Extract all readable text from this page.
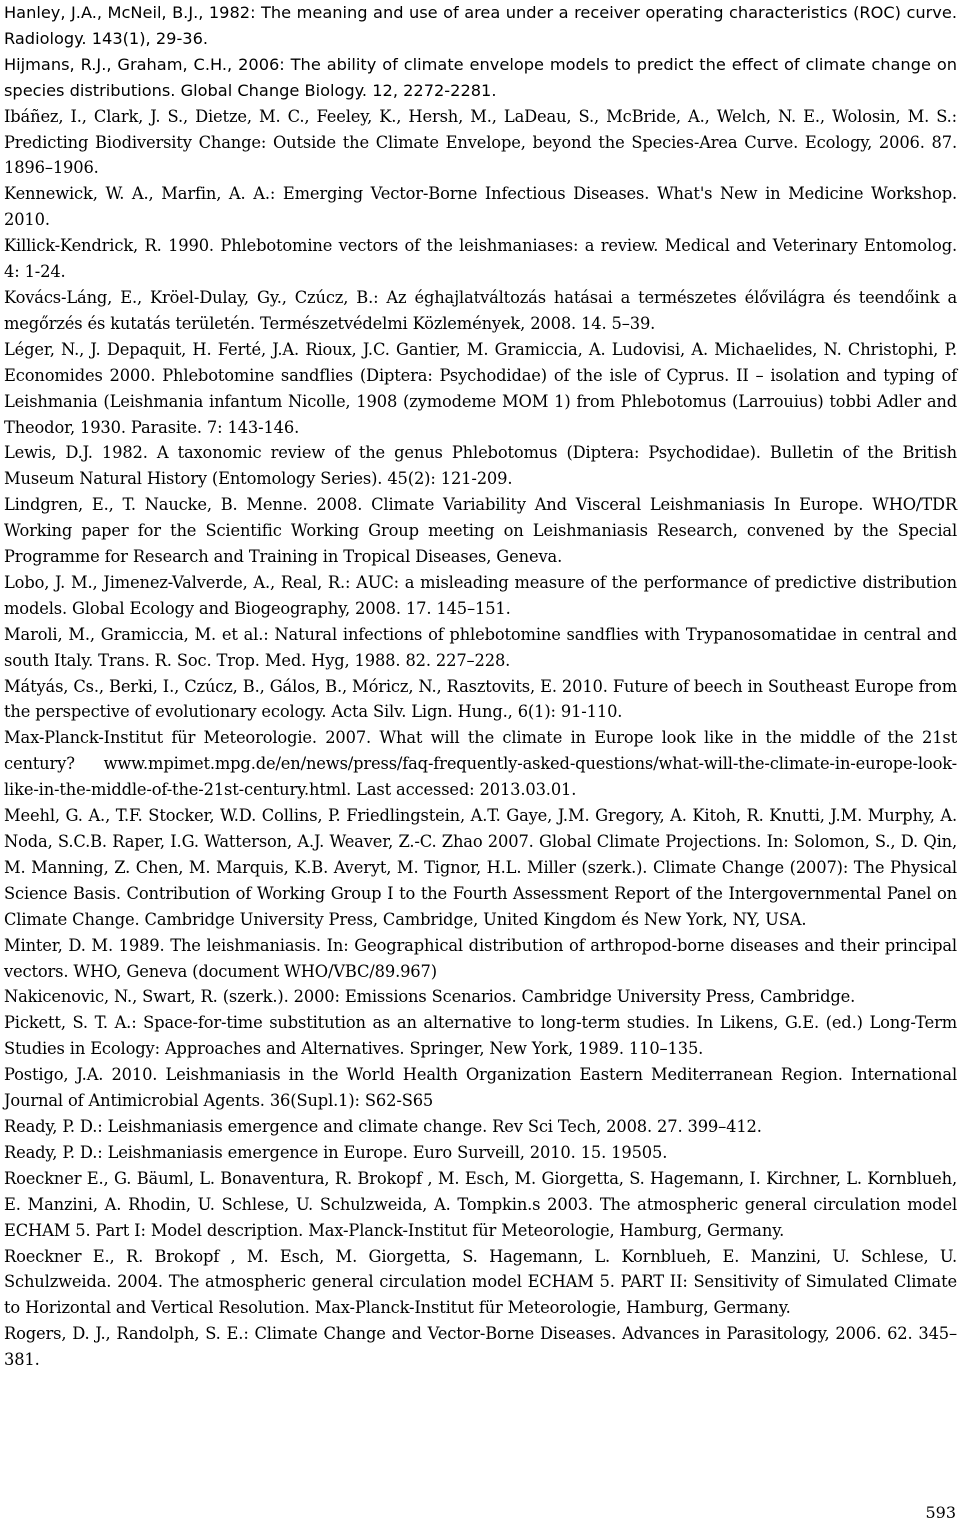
Hanley, J.A., McNeil, B.J., 1982: The meaning and use of area under a receiver operating characteristics (ROC) curve. Radiology. 143(1), 29-36.

Hijmans, R.J., Graham, C.H., 2006: The ability of climate envelope models to predict the effect of climate change on species distributions. Global Change Biology. 12, 2272-2281.

Ibáñez, I., Clark, J. S., Dietze, M. C., Feeley, K., Hersh, M., LaDeau, S., McBride, A., Welch, N. E., Wolosin, M. S.: Predicting Biodiversity Change: Outside the Climate Envelope, beyond the Species-Area Curve. Ecology, 2006. 87. 1896–1906.

Kennewick, W. A., Marfin, A. A.: Emerging Vector-Borne Infectious Diseases. What's New in Medicine Workshop. 2010.

Killick-Kendrick, R. 1990. Phlebotomine vectors of the leishmaniases: a review. Medical and Veterinary Entomolog. 4: 1-24.

Kovács-Láng, E., Kröel-Dulay, Gy., Czúcz, B.: Az éghajlatváltozás hatásai a természetes élővilágra és teendőink a megőrzés és kutatás területén. Természetvédelmi Közlemények, 2008. 14. 5–39.

Léger, N., J. Depaquit, H. Ferté, J.A. Rioux, J.C. Gantier, M. Gramiccia, A. Ludovisi, A. Michaelides, N. Christophi, P. Economides 2000. Phlebotomine sandflies (Diptera: Psychodidae) of the isle of Cyprus. II – isolation and typing of Leishmania (Leishmania infantum Nicolle, 1908 (zymodeme MOM 1) from Phlebotomus (Larrouius) tobbi Adler and Theodor, 1930. Parasite. 7: 143-146.

Lewis, D.J. 1982. A taxonomic review of the genus Phlebotomus (Diptera: Psychodidae). Bulletin of the British Museum Natural History (Entomology Series). 45(2): 121-209.

Lindgren, E., T. Naucke, B. Menne. 2008. Climate Variability And Visceral Leishmaniasis In Europe. WHO/TDR Working paper for the Scientific Working Group meeting on Leishmaniasis Research, convened by the Special Programme for Research and Training in Tropical Diseases, Geneva.

Lobo, J. M., Jimenez-Valverde, A., Real, R.: AUC: a misleading measure of the performance of predictive distribution models. Global Ecology and Biogeography, 2008. 17. 145–151.

Maroli, M., Gramiccia, M. et al.: Natural infections of phlebotomine sandflies with Trypanosomatidae in central and south Italy. Trans. R. Soc. Trop. Med. Hyg, 1988. 82. 227–228.

Mátyás, Cs., Berki, I., Czúcz, B., Gálos, B., Móricz, N., Rasztovits, E. 2010. Future of beech in Southeast Europe from the perspective of evolutionary ecology. Acta Silv. Lign. Hung., 6(1): 91-110.

Max-Planck-Institut für Meteorologie. 2007. What will the climate in Europe look like in the middle of the 21st century? www.mpimet.mpg.de/en/news/press/faq-frequently-asked-questions/what-will-the-climate-in-europe-look-like-in-the-middle-of-the-21st-century.html. Last accessed: 2013.03.01.

Meehl, G. A., T.F. Stocker, W.D. Collins, P. Friedlingstein, A.T. Gaye, J.M. Gregory, A. Kitoh, R. Knutti, J.M. Murphy, A. Noda, S.C.B. Raper, I.G. Watterson, A.J. Weaver, Z.-C. Zhao 2007. Global Climate Projections. In: Solomon, S., D. Qin, M. Manning, Z. Chen, M. Marquis, K.B. Averyt, M. Tignor, H.L. Miller (szerk.). Climate Change (2007): The Physical Science Basis. Contribution of Working Group I to the Fourth Assessment Report of the Intergovernmental Panel on Climate Change. Cambridge University Press, Cambridge, United Kingdom és New York, NY, USA.

Minter, D. M. 1989. The leishmaniasis. In: Geographical distribution of arthropod-borne diseases and their principal vectors. WHO, Geneva (document WHO/VBC/89.967)

Nakicenovic, N., Swart, R. (szerk.). 2000: Emissions Scenarios. Cambridge University Press, Cambridge.

Pickett, S. T. A.: Space-for-time substitution as an alternative to long-term studies. In Likens, G.E. (ed.) Long-Term Studies in Ecology: Approaches and Alternatives. Springer, New York, 1989. 110–135.

Postigo, J.A. 2010. Leishmaniasis in the World Health Organization Eastern Mediterranean Region. International Journal of Antimicrobial Agents. 36(Supl.1): S62-S65

Ready, P. D.: Leishmaniasis emergence and climate change. Rev Sci Tech, 2008. 27. 399–412.

Ready, P. D.: Leishmaniasis emergence in Europe. Euro Surveill, 2010. 15. 19505.

Roeckner E., G. Bäuml, L. Bonaventura, R. Brokopf , M. Esch, M. Giorgetta, S. Hagemann, I. Kirchner, L. Kornblueh, E. Manzini, A. Rhodin, U. Schlese, U. Schulzweida, A. Tompkin.s 2003. The atmospheric general circulation model ECHAM 5. Part I: Model description. Max-Planck-Institut für Meteorologie, Hamburg, Germany.

Roeckner E., R. Brokopf , M. Esch, M. Giorgetta, S. Hagemann, L. Kornblueh, E. Manzini, U. Schlese, U. Schulzweida. 2004. The atmospheric general circulation model ECHAM 5. PART II: Sensitivity of Simulated Climate to Horizontal and Vertical Resolution. Max-Planck-Institut für Meteorologie, Hamburg, Germany.

Rogers, D. J., Randolph, S. E.: Climate Change and Vector-Borne Diseases. Advances in Parasitology, 2006. 62. 345–381.

593
